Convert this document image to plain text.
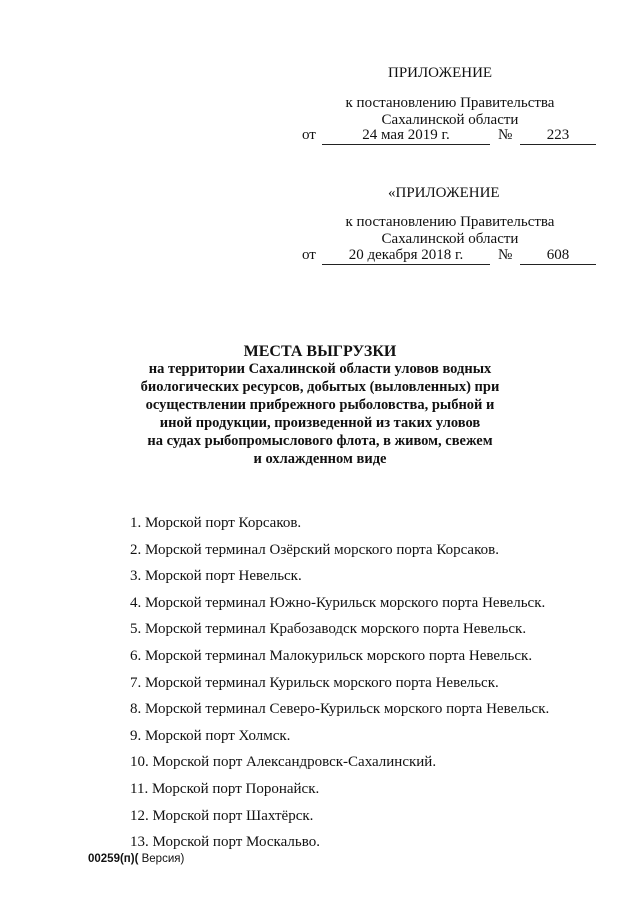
ПРИЛОЖЕНИЕ
к постановлению Правительства
Сахалинской области
от	24 мая 2019 г.	№	223
«ПРИЛОЖЕНИЕ
к постановлению Правительства
Сахалинской области
от	20 декабря 2018 г.	№	608
МЕСТА ВЫГРУЗКИ
на территории Сахалинской области уловов водных
биологических ресурсов, добытых (выловленных) при
осуществлении прибрежного рыболовства, рыбной и
иной продукции, произведенной из таких уловов
на судах рыбопромыслового флота, в живом, свежем
и охлажденном виде
1. Морской порт Корсаков.
2. Морской терминал Озёрский морского порта Корсаков.
3. Морской порт Невельск.
4. Морской терминал Южно-Курильск морского порта Невельск.
5. Морской терминал Крабозаводск морского порта Невельск.
6. Морской терминал Малокурильск морского порта Невельск.
7. Морской терминал Курильск морского порта Невельск.
8. Морской терминал Северо-Курильск морского порта Невельск.
9. Морской порт Холмск.
10. Морской порт Александровск-Сахалинский.
11. Морской порт Поронайск.
12. Морской порт Шахтёрск.
13. Морской порт Москальво.
00259(п)( Версия)
